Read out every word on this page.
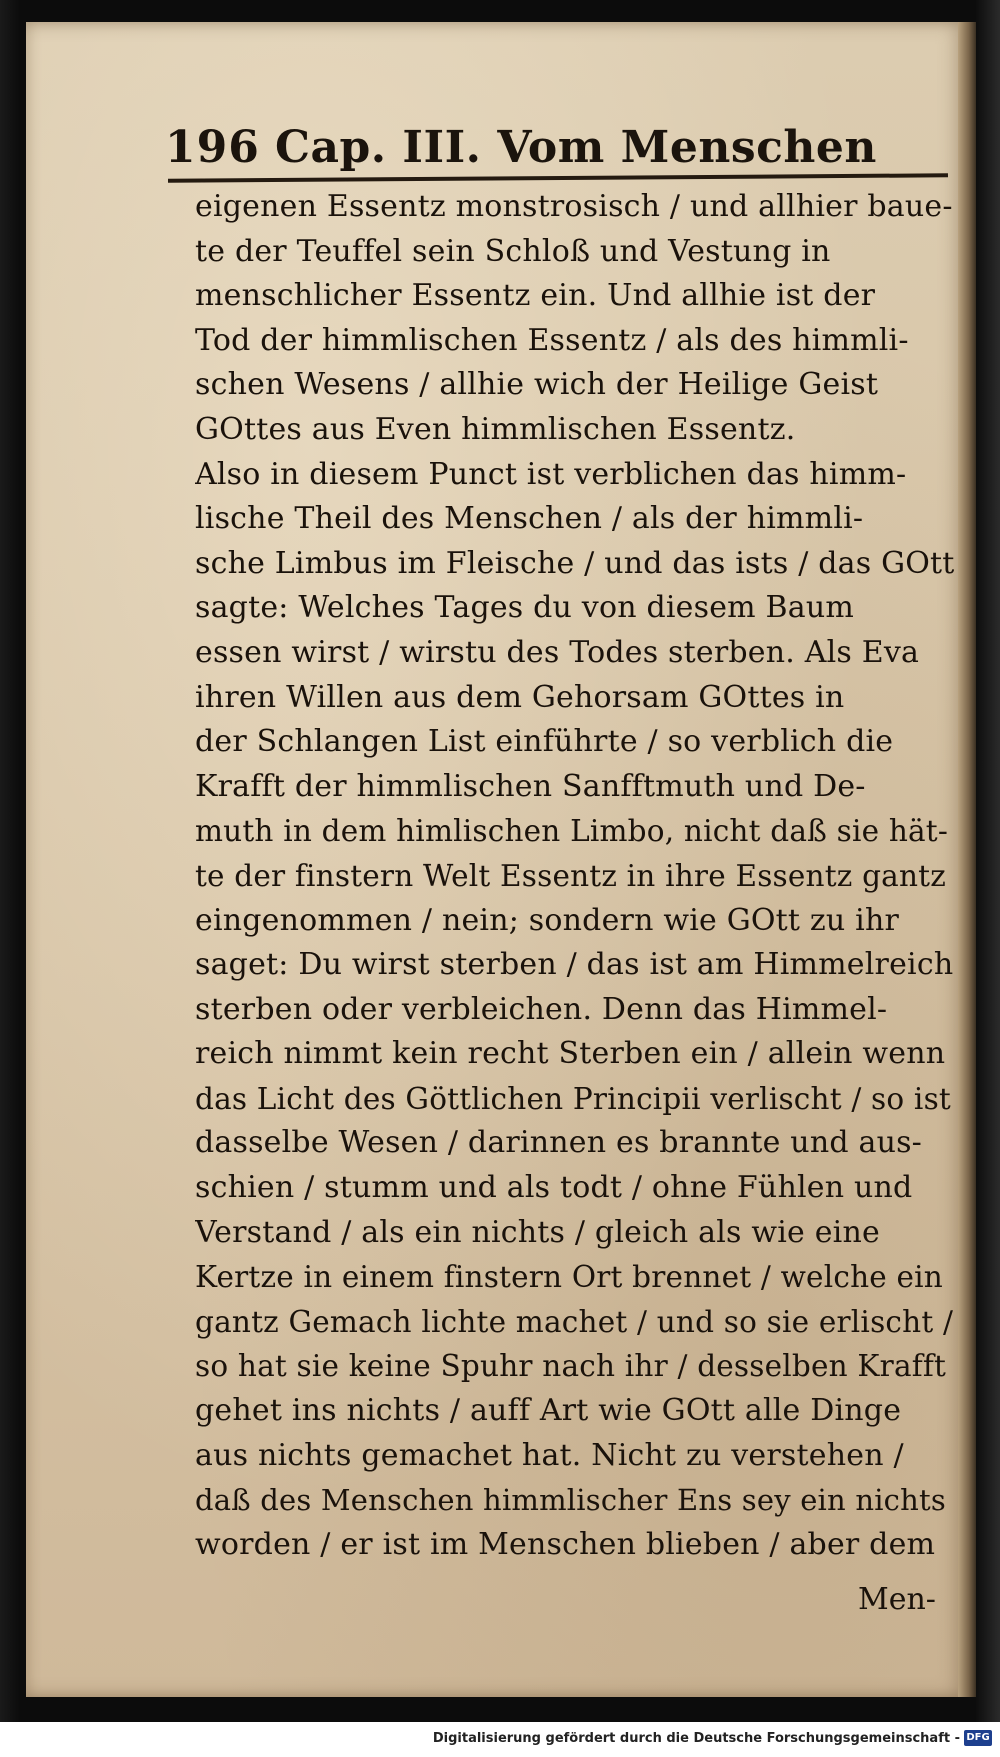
196 Cap. III. Vom Menschen
eigenen Essentz monstrosisch / und allhier baue-
te der Teuffel sein Schloß und Vestung in
menschlicher Essentz ein. Und allhie ist der
Tod der himmlischen Essentz / als des himmli-
schen Wesens / allhie wich der Heilige Geist
GOttes aus Even himmlischen Essentz.
Also in diesem Punct ist verblichen das himm-
lische Theil des Menschen / als der himmli-
sche Limbus im Fleische / und das ists / das GOtt
sagte: Welches Tages du von diesem Baum
essen wirst / wirstu des Todes sterben. Als Eva
ihren Willen aus dem Gehorsam GOttes in
der Schlangen List einführte / so verblich die
Krafft der himmlischen Sanfftmuth und De-
muth in dem himlischen Limbo, nicht daß sie hät-
te der finstern Welt Essentz in ihre Essentz gantz
eingenommen / nein; sondern wie GOtt zu ihr
saget: Du wirst sterben / das ist am Himmelreich
sterben oder verbleichen. Denn das Himmel-
reich nimmt kein recht Sterben ein / allein wenn
das Licht des Göttlichen Principii verlischt / so ist
dasselbe Wesen / darinnen es brannte und aus-
schien / stumm und als todt / ohne Fühlen und
Verstand / als ein nichts / gleich als wie eine
Kertze in einem finstern Ort brennet / welche ein
gantz Gemach lichte machet / und so sie erlischt /
so hat sie keine Spuhr nach ihr / desselben Krafft
gehet ins nichts / auff Art wie GOtt alle Dinge
aus nichts gemachet hat. Nicht zu verstehen /
daß des Menschen himmlischer Ens sey ein nichts
worden / er ist im Menschen blieben / aber dem
Men-
Digitalisierung gefördert durch die Deutsche Forschungsgemeinschaft - DFG
